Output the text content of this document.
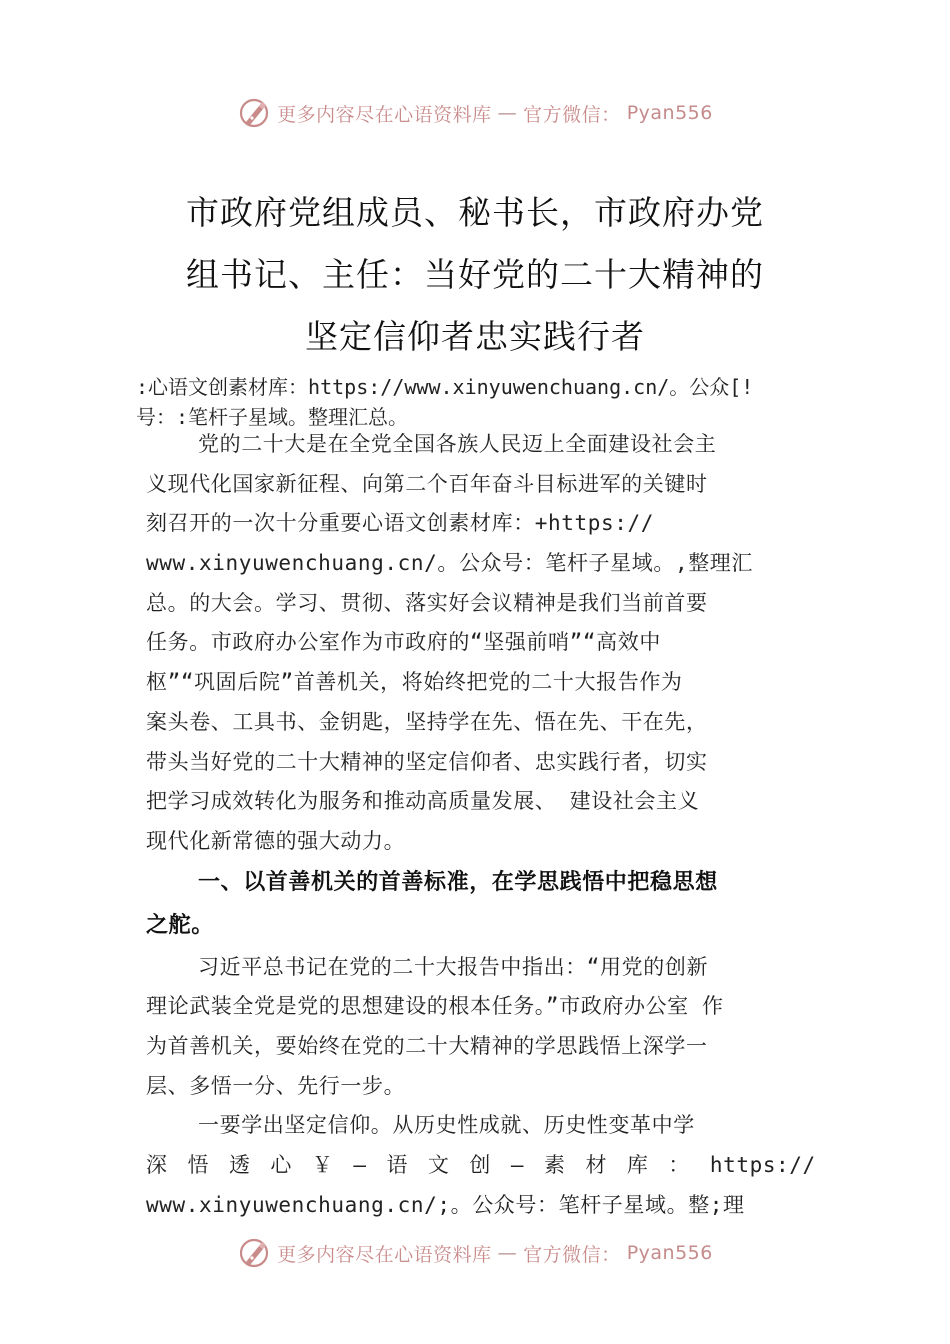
更多内容尽在心语资料库 — 官方微信： Pyan556
市政府党组成员、秘书长，市政府办党
组书记、主任：当好党的二十大精神的
坚定信仰者忠实践行者
:心语文创素材库：https://www.xinyuwenchuang.cn/。公众[!
号：:笔杆子星域。整理汇总。
党的二十大是在全党全国各族人民迈上全面建设社会主
义现代化国家新征程、向第二个百年奋斗目标进军的关键时
刻召开的一次十分重要心语文创素材库：+https://
www.xinyuwenchuang.cn/。公众号：笔杆子星域。,整理汇
总。的大会。学习、贯彻、落实好会议精神是我们当前首要
任务。市政府办公室作为市政府的“坚强前哨”“高效中
枢”“巩固后院”首善机关，将始终把党的二十大报告作为
案头卷、工具书、金钥匙，坚持学在先、悟在先、干在先，
带头当好党的二十大精神的坚定信仰者、忠实践行者，切实
把学习成效转化为服务和推动高质量发展、 建设社会主义
现代化新常德的强大动力。
一、以首善机关的首善标准，在学思践悟中把稳思想
之舵。
习近平总书记在党的二十大报告中指出：“用党的创新
理论武装全党是党的思想建设的根本任务。”市政府办公室 作
为首善机关，要始终在党的二十大精神的学思践悟上深学一
层、多悟一分、先行一步。
一要学出坚定信仰。从历史性成就、历史性变革中学
深 悟 透 心 ￥ — 语 文 创 — 素 材 库 ： https://
www.xinyuwenchuang.cn/;。公众号：笔杆子星域。整;理
更多内容尽在心语资料库 — 官方微信： Pyan556
